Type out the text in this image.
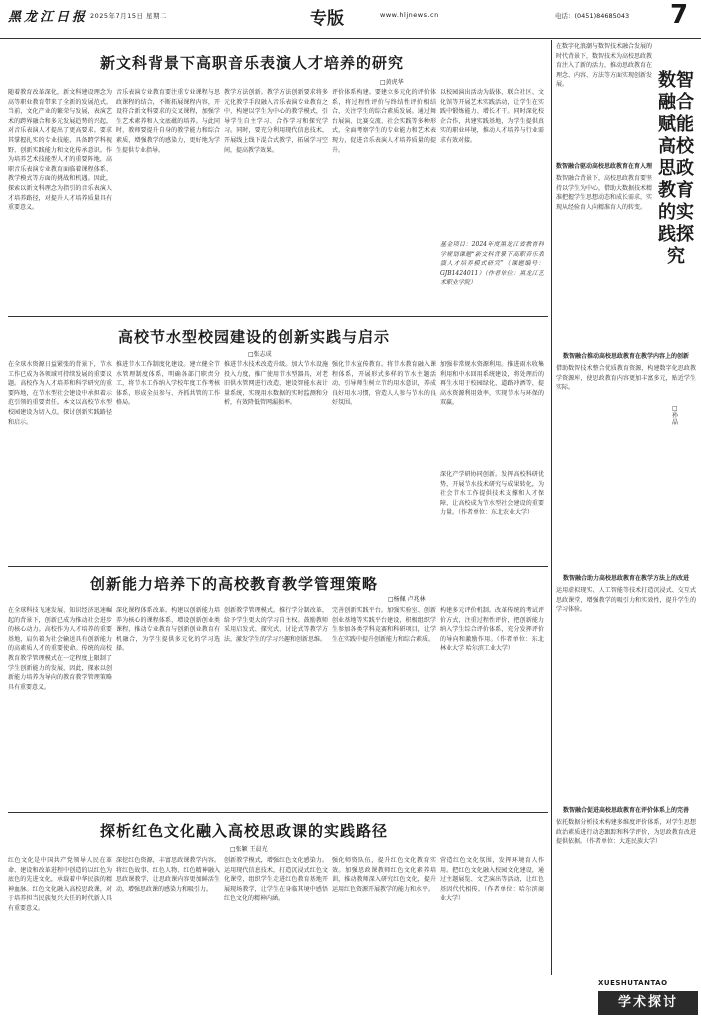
黑龙江日报 2025年7月15日 星期二	专版	www.hljnews.cn	电话：(0451)84685043 7
新文科背景下高职音乐表演人才培养的研究
□黄虎华
随着教育改革深化，新文科建设理念为高等职业教育带来了全新的发展范式。当前，文化产业的繁荣与发展，表演艺术的跨界融合和多元发展趋势的兴起，对音乐表演人才提出了更高要求。要求其掌握扎实的专业技能，具备跨学科视野、创新实践能力和文化传承意识。作为培养艺术技能型人才的重要阵地，高职音乐表演专业教育面临着课程体系、教学模式等方面的挑战和机遇。因此，探索以新文科理念为指引的音乐表演人才培养路径，对提升人才培养质量具有重要意义。
音乐表演专业教育要注重专业课程与思政课程的结合，不断拓展课程内容，开设符合新文科要求的交叉课程，加强学生艺术素养和人文底蕴的培养。与此同时，教师要提升自身的教学能力和综合素质，增强教学的感染力，更好地为学生提供专业指导。
教学方法创新。教学方法创新要求将多元化教学手段融入音乐表演专业教育之中，构建以学生为中心的教学模式，引导学生自主学习、合作学习和探究学习。同时，要充分利用现代信息技术，开展线上线下混合式教学，拓展学习空间，提高教学效果。
评价体系构建。要建立多元化的评价体系，将过程性评价与终结性评价相结合，关注学生的综合素质发展。通过舞台展演、比赛交流、社会实践等多种形式，全面考察学生的专业能力和艺术表现力，促进音乐表演人才培养质量的提升。
以校园演出活动为载体，联合社区、文化馆等开展艺术实践活动，让学生在实践中锻炼能力、增长才干。同时深化校企合作，共建实践基地，为学生提供真实的职业环境，推动人才培养与行业需求有效对接。
基金项目：2024年度黑龙江省教育科学规划课题“新文科背景下高职音乐表演人才培养模式研究”（课题编号：GJB1424011）（作者单位：黑龙江艺术职业学院）
高校节水型校园建设的创新实践与启示
□张志成
在全球水资源日益紧张的背景下，节水工作已成为各领域可持续发展的重要议题。高校作为人才培养和科学研究的重要阵地，在节水型社会建设中承担着示范引领的重要责任。本文以高校节水型校园建设为切入点，探讨创新实践路径和启示。
推进节水工作制度化建设。建立健全节水管理制度体系，明确各部门职责分工，将节水工作纳入学校年度工作考核体系，形成全员参与、齐抓共管的工作格局。
推进节水技术改造升级。加大节水设施投入力度，推广使用节水型器具，对老旧供水管网进行改造，建设智能水表计量系统，实现用水数据的实时监测和分析，有效降低管网漏损率。
强化节水宣传教育。将节水教育融入课程体系，开展形式多样的节水主题活动，引导师生树立节约用水意识，养成良好用水习惯，营造人人参与节水的良好氛围。
加强非常规水资源利用。推进雨水收集利用和中水回用系统建设，将处理后的再生水用于校园绿化、道路冲洒等，提高水资源利用效率，实现节水与环保的双赢。
深化产学研协同创新。发挥高校科研优势，开展节水技术研究与成果转化，为社会节水工作提供技术支撑和人才保障，让高校成为节水型社会建设的重要力量。（作者单位：东北农业大学）
创新能力培养下的高校教育教学管理策略
□杨佩 卢兆林
在全球科技飞速发展、知识经济迅速崛起的背景下，创新已成为推动社会进步的核心动力。高校作为人才培养的重要基地，肩负着为社会输送具有创新能力的高素质人才的重要使命。传统的高校教育教学管理模式在一定程度上限制了学生创新能力的发展，因此，探索以创新能力培养为导向的教育教学管理策略具有重要意义。
深化课程体系改革。构建以创新能力培养为核心的课程体系，增设创新创业类课程，推动专业教育与创新创业教育有机融合，为学生提供多元化的学习选择。
创新教学管理模式。推行学分制改革，给予学生更大的学习自主权。鼓励教师采用启发式、探究式、讨论式等教学方法，激发学生的学习兴趣和创新思维。
完善创新实践平台。加强实验室、创新创业基地等实践平台建设，积极组织学生参加各类学科竞赛和科研项目，让学生在实践中提升创新能力和综合素质。
构建多元评价机制。改革传统的考试评价方式，注重过程性评价，把创新能力纳入学生综合评价体系，充分发挥评价的导向和激励作用。（作者单位：东北林业大学 哈尔滨工业大学）
探析红色文化融入高校思政课的实践路径
□张颖 王晨光
红色文化是中国共产党领导人民在革命、建设和改革进程中创造的以红色为底色的先进文化，承载着中华民族的精神血脉。红色文化融入高校思政课，对于培养担当民族复兴大任的时代新人具有重要意义。
深挖红色资源，丰富思政课教学内容。将红色故事、红色人物、红色精神融入思政课教学，让思政课内容更加鲜活生动，增强思政课的感染力和吸引力。
创新教学模式，增强红色文化感染力。运用现代信息技术，打造沉浸式红色文化课堂，组织学生走进红色教育基地开展现场教学，让学生在身临其境中感悟红色文化的精神内涵。
强化师资队伍，提升红色文化教育实效。加强思政课教师红色文化素养培训，推动教师深入研究红色文化，提升运用红色资源开展教学的能力和水平。
营造红色文化氛围，发挥环境育人作用。把红色文化融入校园文化建设，通过主题展览、文艺演出等活动，让红色基因代代相传。（作者单位：哈尔滨商业大学）
在数字化浪潮与数智技术融合发展的时代背景下，数智技术为高校思政教育注入了新的活力，推动思政教育在理念、内容、方法等方面实现创新发展。	数智融合赋能高校思政教育的实践探究
□孙晶
数智融合驱动高校思政教育在育人理
数智融合背景下，高校思政教育要坚持以学生为中心，借助大数据技术精准把握学生思想动态和成长需求，实现从经验育人向精准育人的转变。
数智融合推动高校思政教育在教学内容上的创新
借助数智技术整合优质教育资源，构建数字化思政教学资源库，使思政教育内容更加丰富多元，贴近学生实际。
数智融合助力高校思政教育在教学方法上的改进
运用虚拟现实、人工智能等技术打造沉浸式、交互式思政课堂，增强教学的吸引力和实效性，提升学生的学习体验。
数智融合促进高校思政教育在评价体系上的完善
依托数据分析技术构建多维度评价体系，对学生思想政治素质进行动态跟踪和科学评价，为思政教育改进提供依据。（作者单位：大连民族大学）
XUESHUTANTAO
学术探讨
